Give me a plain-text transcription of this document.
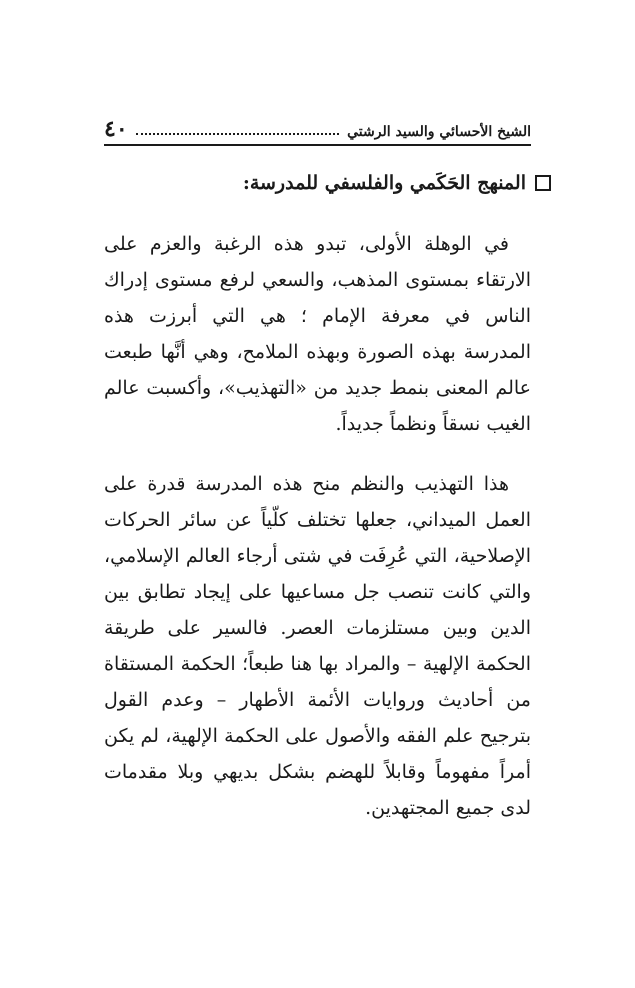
٤٠	الشيخ الأحسائي والسيد الرشتي
المنهج الحَكَمي والفلسفي للمدرسة:

في الوهلة الأولى، تبدو هذه الرغبة والعزم على الارتقاء بمستوى المذهب، والسعي لرفع مستوى إدراك الناس في معرفة الإمام ؛ هي التي أبرزت هذه المدرسة بهذه الصورة وبهذه الملامح، وهي أنَّها طبعت عالم المعنى بنمط جديد من «التهذيب»، وأكسبت عالم الغيب نسقاً ونظماً جديداً.

هذا التهذيب والنظم منح هذه المدرسة قدرة على العمل الميداني، جعلها تختلف كلّياً عن سائر الحركات الإصلاحية، التي عُرِفَت في شتى أرجاء العالم الإسلامي، والتي كانت تنصب جل مساعيها على إيجاد تطابق بين الدين وبين مستلزمات العصر. فالسير على طريقة الحكمة الإلهية – والمراد بها هنا طبعاً؛ الحكمة المستقاة من أحاديث وروايات الأئمة الأطهار – وعدم القول بترجيح علم الفقه والأصول على الحكمة الإلهية، لم يكن أمراً مفهوماً وقابلاً للهضم بشكل بديهي وبلا مقدمات لدى جميع المجتهدين.
